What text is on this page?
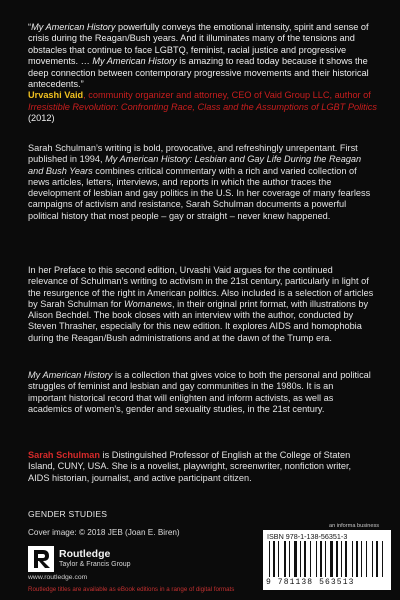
“My American History powerfully conveys the emotional intensity, spirit and sense of crisis during the Reagan/Bush years. And it illuminates many of the tensions and obstacles that continue to face LGBTQ, feminist, racial justice and progressive movements. … My American History is amazing to read today because it shows the deep connection between contemporary progressive movements and their historical antecedents.”

Urvashi Vaid, community organizer and attorney, CEO of Vaid Group LLC, author of Irresistible Revolution: Confronting Race, Class and the Assumptions of LGBT Politics (2012)

Sarah Schulman’s writing is bold, provocative, and refreshingly unrepentant. First published in 1994, My American History: Lesbian and Gay Life During the Reagan and Bush Years combines critical commentary with a rich and varied collection of news articles, letters, interviews, and reports in which the author traces the development of lesbian and gay politics in the U.S. In her coverage of many fearless campaigns of activism and resistance, Sarah Schulman documents a powerful political history that most people – gay or straight – never knew happened.

In her Preface to this second edition, Urvashi Vaid argues for the continued relevance of Schulman’s writing to activism in the 21st century, particularly in light of the resurgence of the right in American politics. Also included is a selection of articles by Sarah Schulman for Womanews, in their original print format, with illustrations by Alison Bechdel. The book closes with an interview with the author, conducted by Steven Thrasher, especially for this new edition. It explores AIDS and homophobia during the Reagan/Bush administrations and at the dawn of the Trump era.

My American History is a collection that gives voice to both the personal and political struggles of feminist and lesbian and gay communities in the 1980s. It is an important historical record that will enlighten and inform activists, as well as academics of women’s, gender and sexuality studies, in the 21st century.

Sarah Schulman is Distinguished Professor of English at the College of Staten Island, CUNY, USA. She is a novelist, playwright, screenwriter, nonfiction writer, AIDS historian, journalist, and active participant citizen.

GENDER STUDIES
Cover image: © 2018 JEB (Joan E. Biren)
Routledge
Taylor & Francis Group
www.routledge.com
Routledge titles are available as eBook editions in a range of digital formats
an informa business
ISBN 978-1-138-56351-3
9 781138 563513
